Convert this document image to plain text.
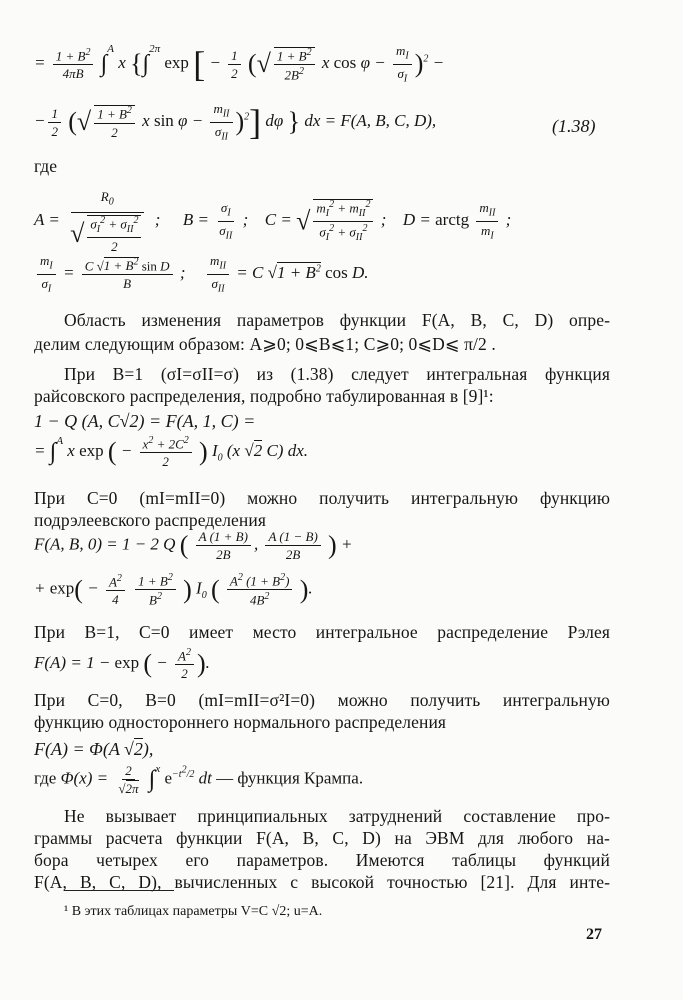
= $\frac{1 + B^2}{4\pi B} \int^A$ x {∫$^{2\pi}$ exp [ − $\frac{1}{2}$ (√ $\frac{1 + B^2}{2B^2}$ x $\cos \varphi - \frac{m_I}{\sigma_I} )^2$ −
− $\frac{1}{2}$ (√ $\frac{1 + B^2}{2}$ x $\sin \varphi - \frac{m_{II}}{\sigma_{II}} )^2$] dφ } dx = F(A, B, C, D),	(1.38)
где
$A = \frac{R_0}{√ \frac{\sigma_I^2 + \sigma_{II}^2}{2}}$ ;  $B = \frac{\sigma_I}{\sigma_{II}}$ ;  C = √ $\frac{m_I^2 + m_{II}^2}{\sigma_I^2 + \sigma_{II}^2}$ ;  D = arctg $\frac{m_{II}}{m_I}$ ;
$\frac{m_I}{\sigma_I} = \frac{C √1 + B^2 \sin D}{B}$ ; $\frac{m_{II}}{\sigma_{II}} = C$ $√1 + B^2$ cos D.
Область изменения параметров функции F(A, B, C, D) опре-
делим следующим образом: A⩾0; 0⩽B⩽1; C⩾0; 0⩽D⩽ π/2 .
При B=1 (σI=σII=σ) из (1.38) следует интегральная функция
райсовского распределения, подробно табулированная в [9]¹:
1 − Q (A, C√2) = F(A, 1, C) =
= ∫$^A$ x exp ( − $\frac{x^2 + 2C^2}{2}$ ) $I_0$ (x √2 C) dx.
При C=0 (mI=mII=0) можно получить интегральную функцию
подрэлеевского распределения
F(A, B, 0) = 1 − 2 Q ( $\frac{A (1 + B)}{2B}$ , $\frac{A (1 - B)}{2B}$ ) +
+ $\exp( - \frac{A^2}{4}$
$\frac{1 + B^2}{B^2}$ ) $I_0$ ( $\frac{A^2 (1 + B^2)}{4B^2}$ ).
При B=1, C=0 имеет место интегральное распределение Рэлея
F(A) = 1 − exp ( − $\frac{A^2}{2}$ ).
При C=0, B=0 (mI=mII=σ²I=0) можно получить интегральную
функцию одностороннего нормального распределения
F(A) = Φ(A √2),
где $\Phi(x) = \frac{2}{√2\pi} \int^x$ $e^{-t^2/2}$ dt — функция Крампа.
Не вызывает принципиальных затруднений составление про-
граммы расчета функции F(A, B, C, D) на ЭВМ для любого на-
бора четырех его параметров. Имеются таблицы функций
F(A, B, C, D), вычисленных с высокой точностью [21]. Для инте-
¹ В этих таблицах параметры V=C √2; u=A.
27
